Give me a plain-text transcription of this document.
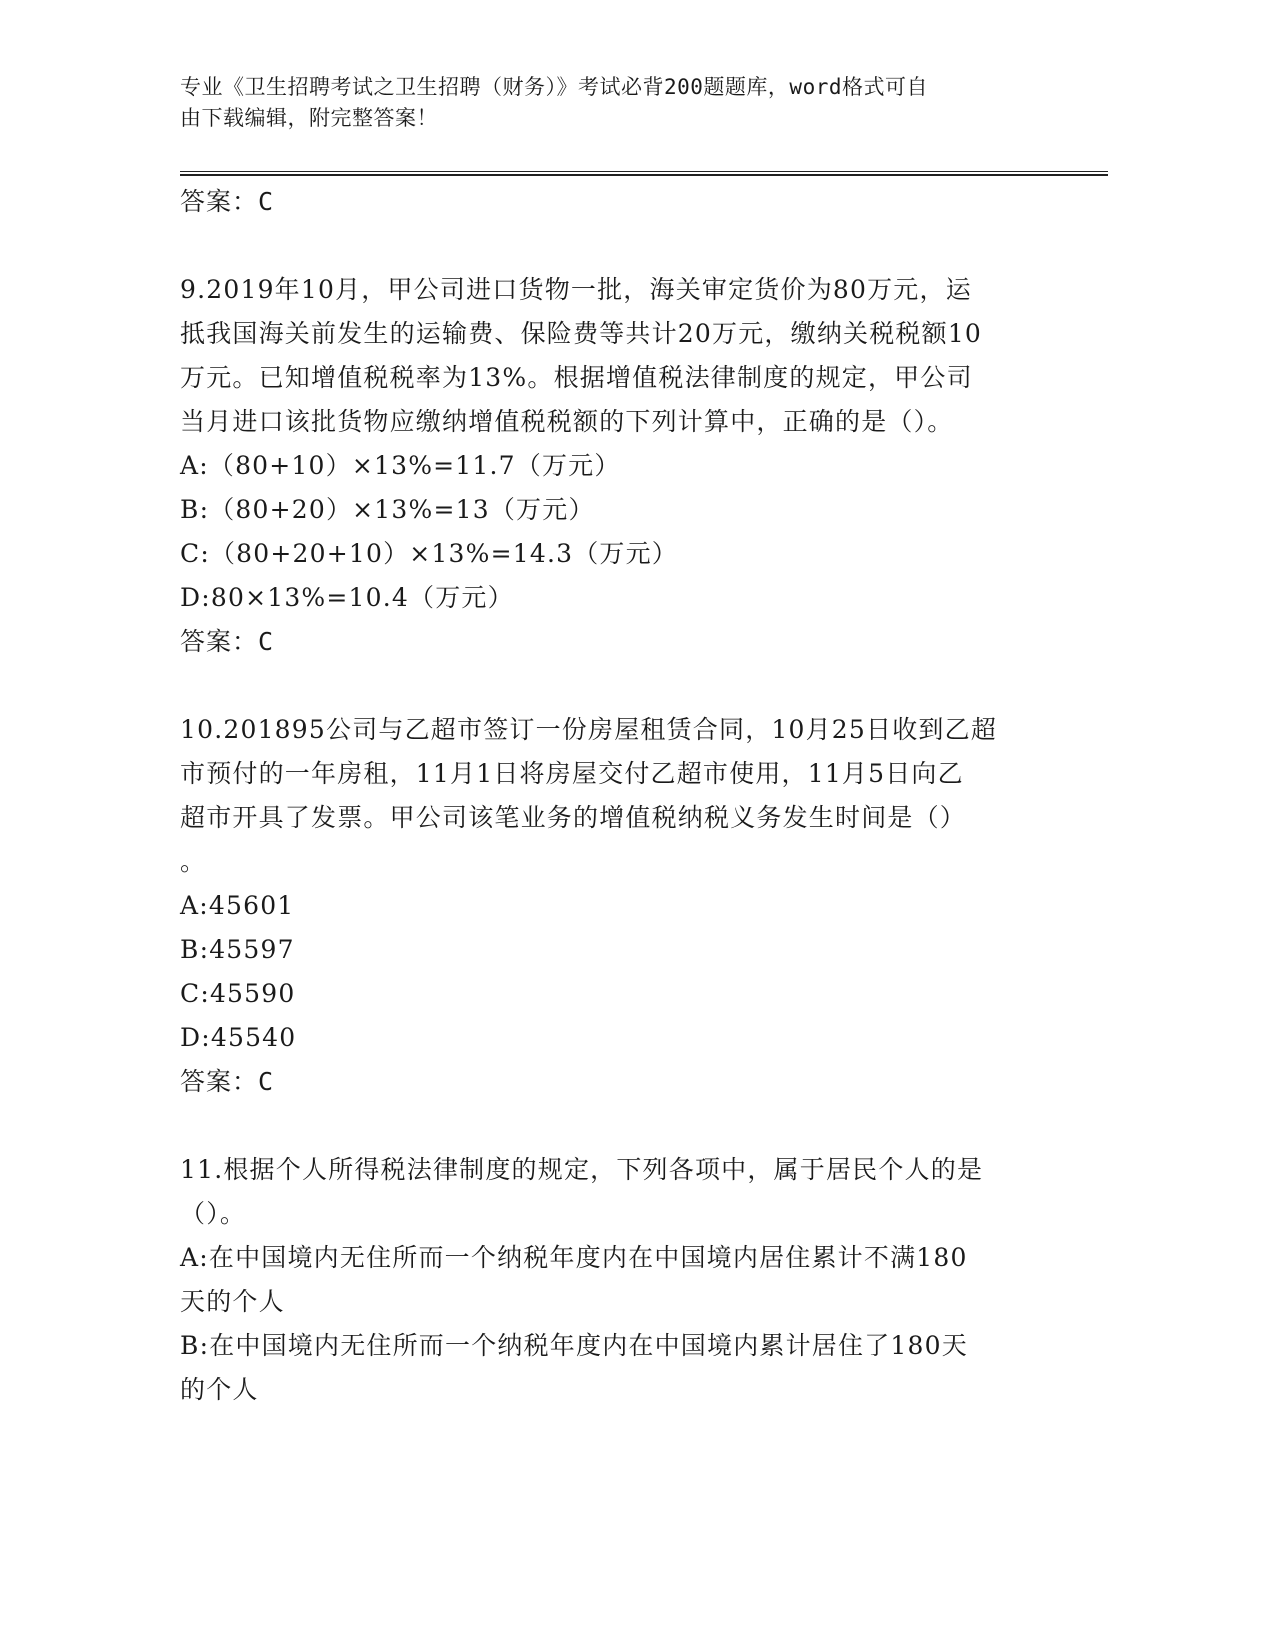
专业《卫生招聘考试之卫生招聘（财务）》考试必背200题题库，word格式可自
由下载编辑，附完整答案！
答案：C
9.2019年10月，甲公司进口货物一批，海关审定货价为80万元，运
抵我国海关前发生的运输费、保险费等共计20万元，缴纳关税税额10
万元。已知增值税税率为13%。根据增值税法律制度的规定，甲公司
当月进口该批货物应缴纳增值税税额的下列计算中，正确的是（）。
A:（80+10）×13%=11.7（万元）
B:（80+20）×13%=13（万元）
C:（80+20+10）×13%=14.3（万元）
D:80×13%=10.4（万元）
答案：C
10.201895公司与乙超市签订一份房屋租赁合同，10月25日收到乙超
市预付的一年房租，11月1日将房屋交付乙超市使用，11月5日向乙
超市开具了发票。甲公司该笔业务的增值税纳税义务发生时间是（）
。
A:45601
B:45597
C:45590
D:45540
答案：C
11.根据个人所得税法律制度的规定，下列各项中，属于居民个人的是
（）。
A:在中国境内无住所而一个纳税年度内在中国境内居住累计不满180
天的个人
B:在中国境内无住所而一个纳税年度内在中国境内累计居住了180天
的个人
